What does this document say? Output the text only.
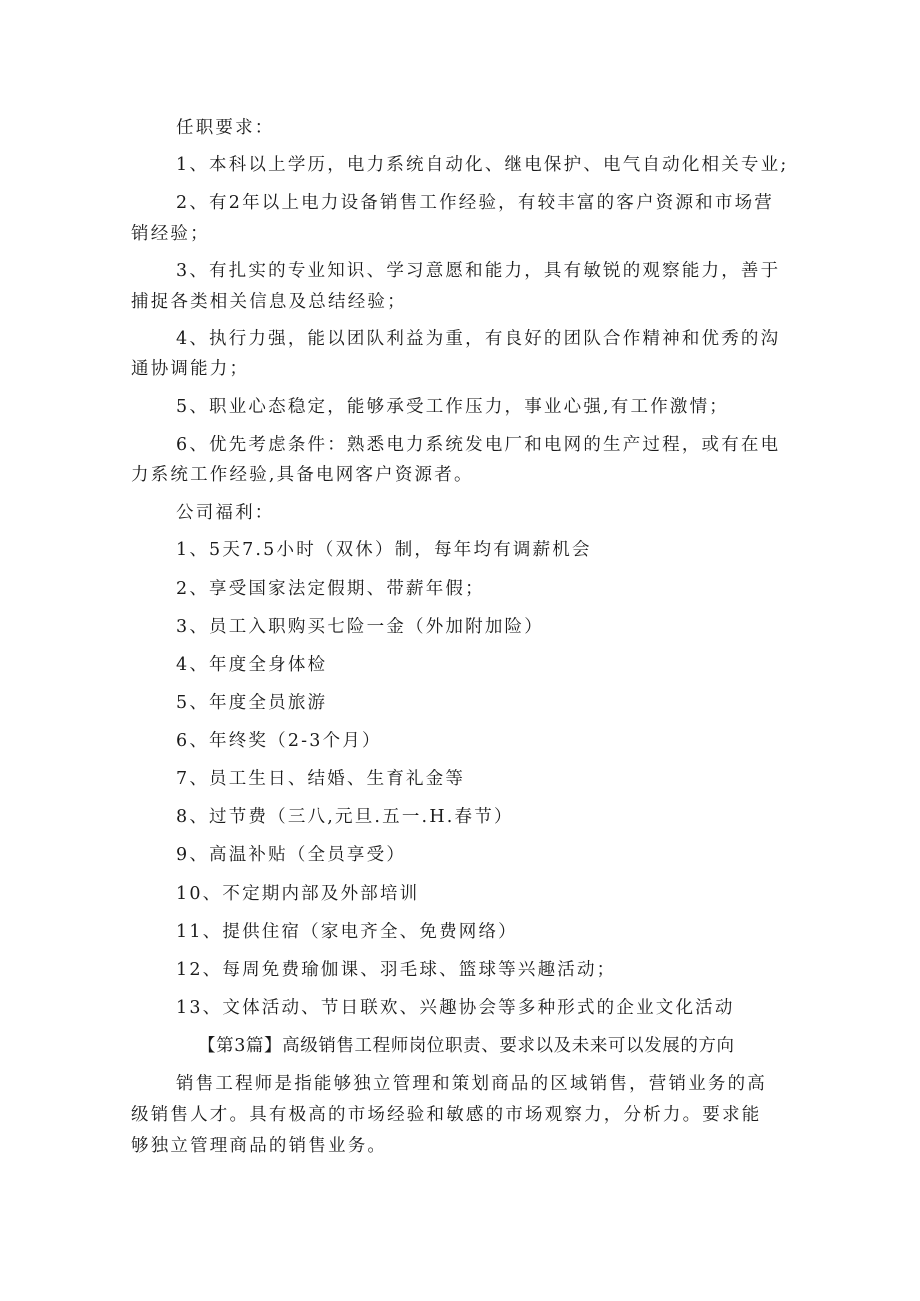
任职要求：
1、本科以上学历，电力系统自动化、继电保护、电气自动化相关专业;
2、有2年以上电力设备销售工作经验，有较丰富的客户资源和市场营
销经验；
3、有扎实的专业知识、学习意愿和能力，具有敏锐的观察能力，善于
捕捉各类相关信息及总结经验；
4、执行力强，能以团队利益为重，有良好的团队合作精神和优秀的沟
通协调能力；
5、职业心态稳定，能够承受工作压力，事业心强,有工作激情；
6、优先考虑条件：熟悉电力系统发电厂和电网的生产过程，或有在电
力系统工作经验,具备电网客户资源者。
公司福利：
1、5天7.5小时（双休）制，每年均有调薪机会
2、享受国家法定假期、带薪年假；
3、员工入职购买七险一金（外加附加险）
4、年度全身体检
5、年度全员旅游
6、年终奖（2-3个月）
7、员工生日、结婚、生育礼金等
8、过节费（三八,元旦.五一.H.春节）
9、高温补贴（全员享受）
10、不定期内部及外部培训
11、提供住宿（家电齐全、免费网络）
12、每周免费瑜伽课、羽毛球、篮球等兴趣活动；
13、文体活动、节日联欢、兴趣协会等多种形式的企业文化活动
【第3篇】高级销售工程师岗位职责、要求以及未来可以发展的方向
销售工程师是指能够独立管理和策划商品的区域销售，营销业务的高
级销售人才。具有极高的市场经验和敏感的市场观察力，分析力。要求能
够独立管理商品的销售业务。
